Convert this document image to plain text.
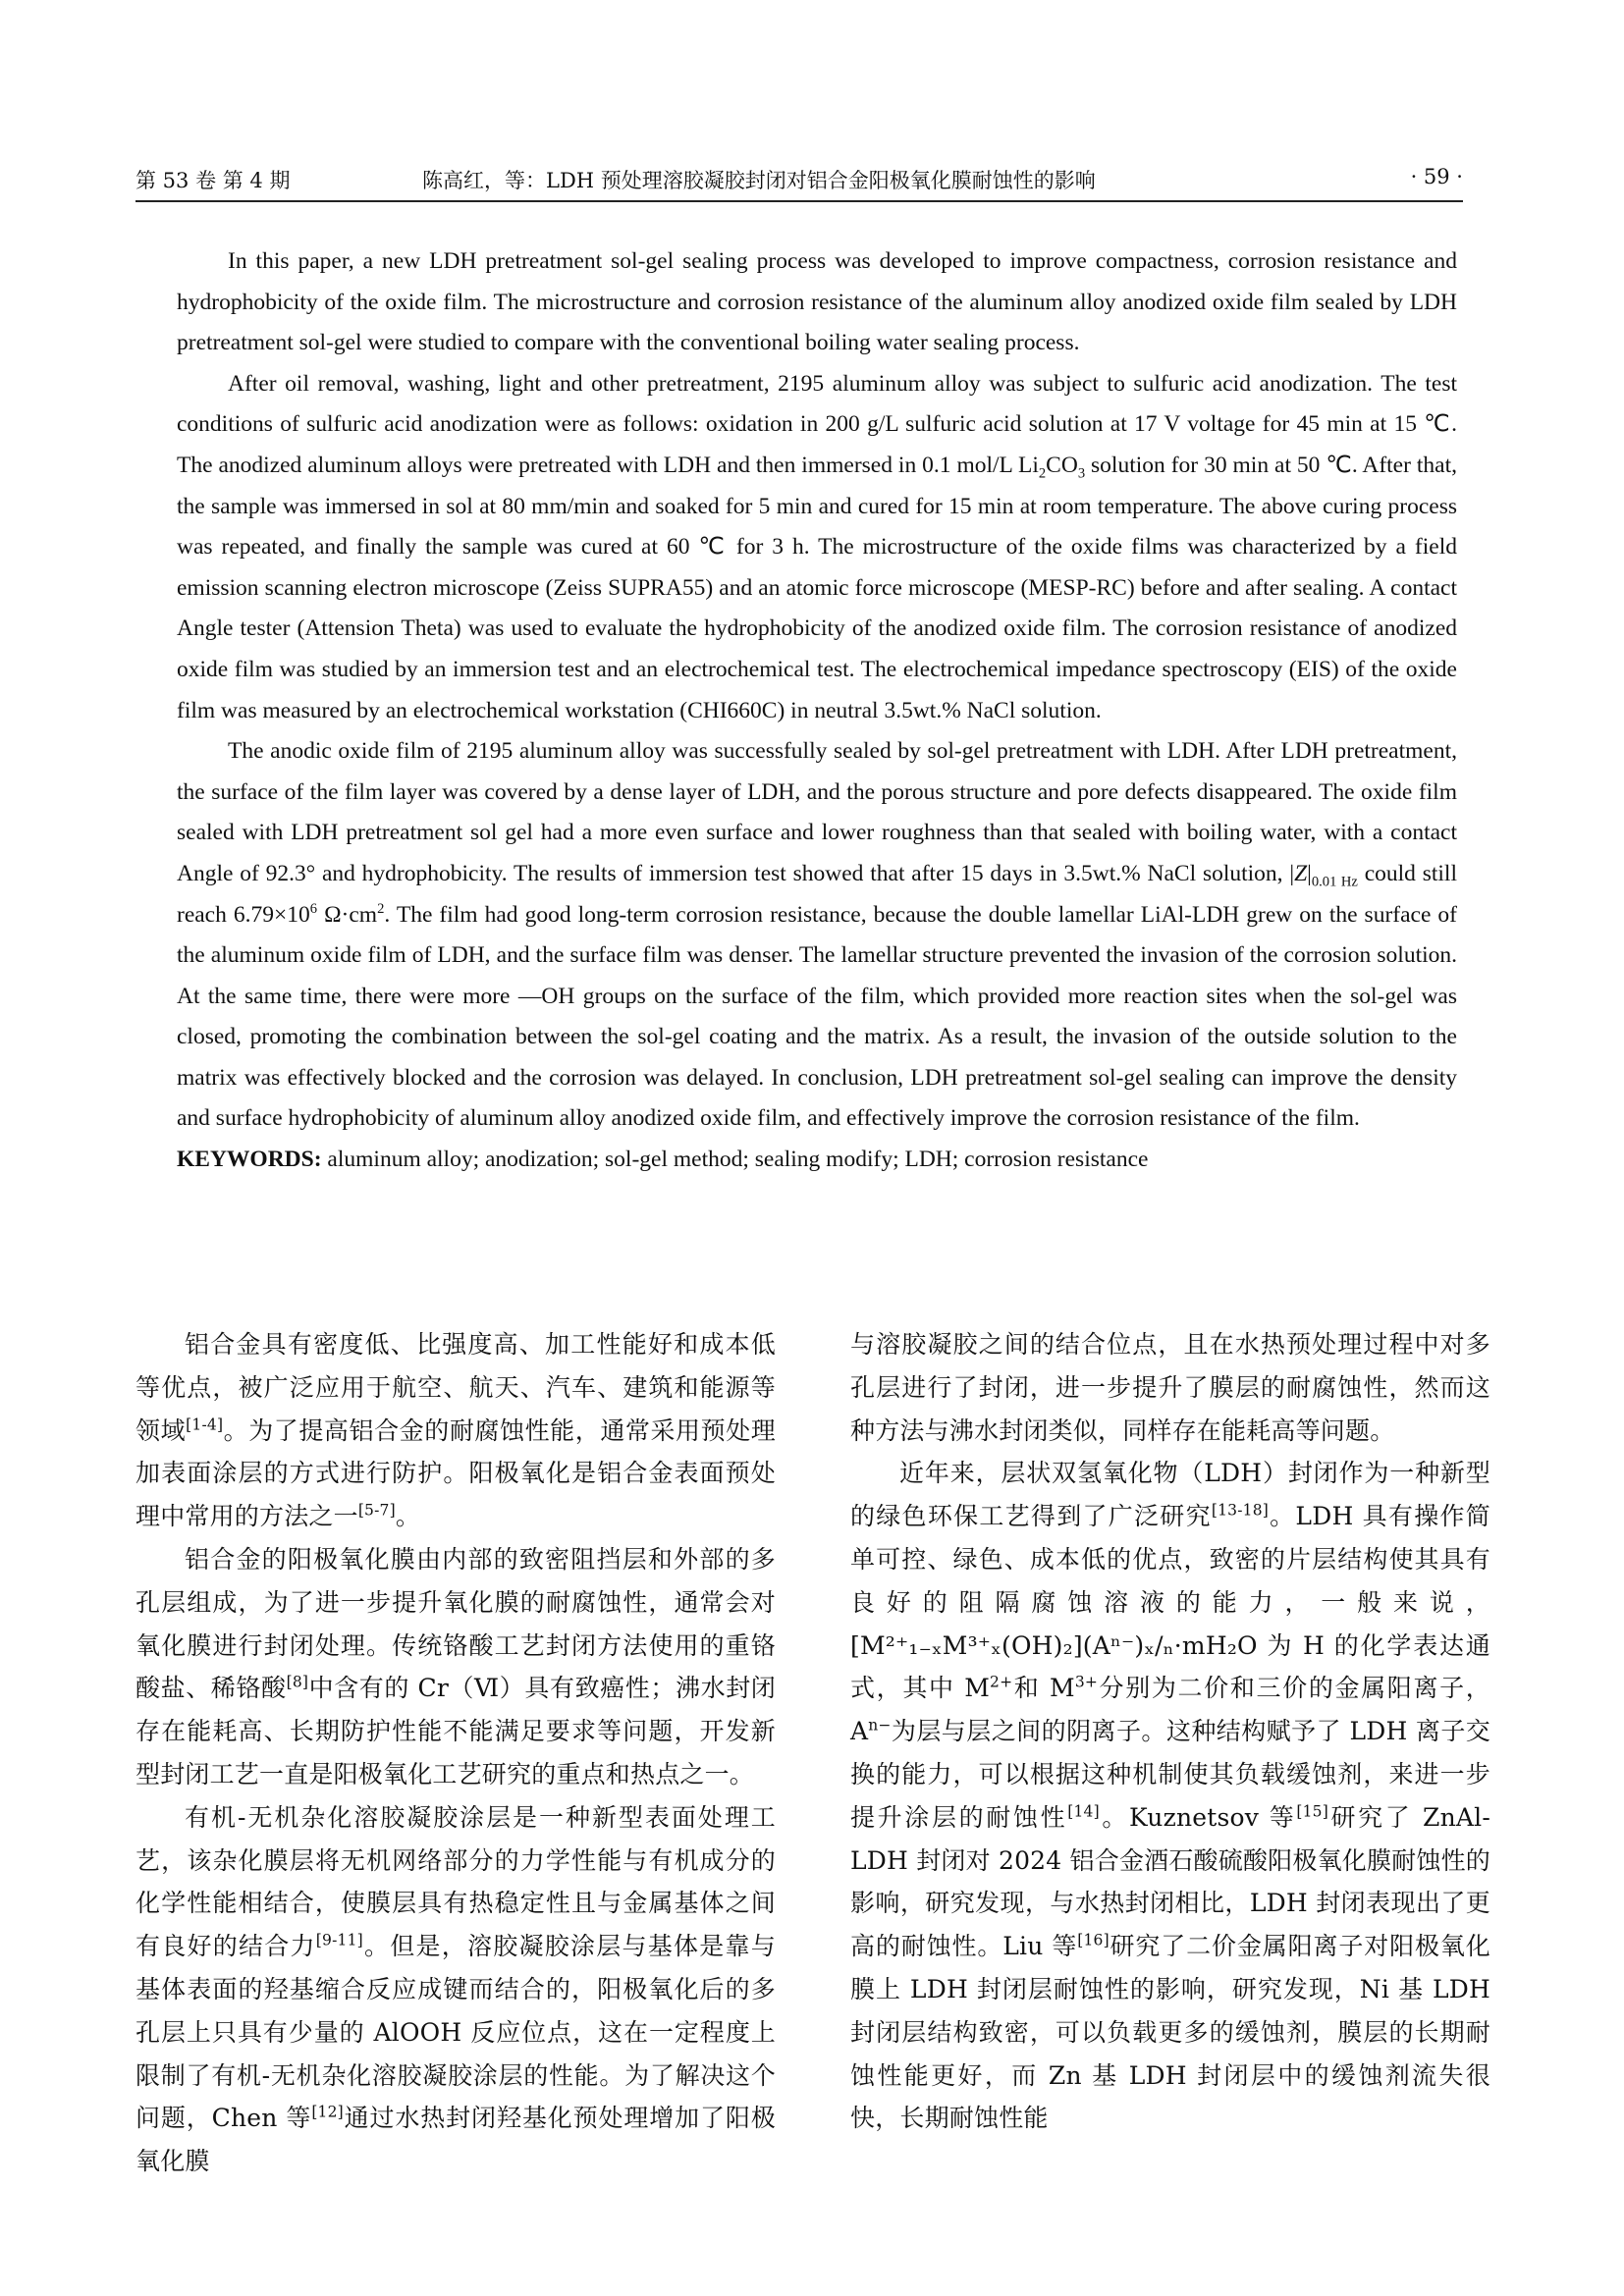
第 53 卷 第 4 期	陈高红，等：LDH 预处理溶胶凝胶封闭对铝合金阳极氧化膜耐蚀性的影响	· 59 ·

In this paper, a new LDH pretreatment sol-gel sealing process was developed to improve compactness, corrosion resistance and hydrophobicity of the oxide film. The microstructure and corrosion resistance of the aluminum alloy anodized oxide film sealed by LDH pretreatment sol-gel were studied to compare with the conventional boiling water sealing process.

After oil removal, washing, light and other pretreatment, 2195 aluminum alloy was subject to sulfuric acid anodization. The test conditions of sulfuric acid anodization were as follows: oxidation in 200 g/L sulfuric acid solution at 17 V voltage for 45 min at 15 ℃. The anodized aluminum alloys were pretreated with LDH and then immersed in 0.1 mol/L $Li_2CO_3$ solution for 30 min at 50 ℃. After that, the sample was immersed in sol at 80 mm/min and soaked for 5 min and cured for 15 min at room temperature. The above curing process was repeated, and finally the sample was cured at 60 ℃ for 3 h. The microstructure of the oxide films was characterized by a field emission scanning electron microscope (Zeiss SUPRA55) and an atomic force microscope (MESP-RC) before and after sealing. A contact Angle tester (Attension Theta) was used to evaluate the hydrophobicity of the anodized oxide film. The corrosion resistance of anodized oxide film was studied by an immersion test and an electrochemical test. The electrochemical impedance spectroscopy (EIS) of the oxide film was measured by an electrochemical workstation (CHI660C) in neutral 3.5wt.% NaCl solution.

The anodic oxide film of 2195 aluminum alloy was successfully sealed by sol-gel pretreatment with LDH. After LDH pretreatment, the surface of the film layer was covered by a dense layer of LDH, and the porous structure and pore defects disappeared. The oxide film sealed with LDH pretreatment sol gel had a more even surface and lower roughness than that sealed with boiling water, with a contact Angle of 92.3° and hydrophobicity. The results of immersion test showed that after 15 days in 3.5wt.% NaCl solution, $|Z|_{0.01 Hz}$ could still reach $6.79\times 10^6$ $\Omega\cdot cm^2$. The film had good long-term corrosion resistance, because the double lamellar LiAl-LDH grew on the surface of the aluminum oxide film of LDH, and the surface film was denser. The lamellar structure prevented the invasion of the corrosion solution. At the same time, there were more —OH groups on the surface of the film, which provided more reaction sites when the sol-gel was closed, promoting the combination between the sol-gel coating and the matrix. As a result, the invasion of the outside solution to the matrix was effectively blocked and the corrosion was delayed. In conclusion, LDH pretreatment sol-gel sealing can improve the density and surface hydrophobicity of aluminum alloy anodized oxide film, and effectively improve the corrosion resistance of the film.

KEYWORDS: aluminum alloy; anodization; sol-gel method; sealing modify; LDH; corrosion resistance

铝合金具有密度低、比强度高、加工性能好和成本低等优点，被广泛应用于航空、航天、汽车、建筑和能源等领域[1-4]。为了提高铝合金的耐腐蚀性能，通常采用预处理加表面涂层的方式进行防护。阳极氧化是铝合金表面预处理中常用的方法之一[5-7]。

铝合金的阳极氧化膜由内部的致密阻挡层和外部的多孔层组成，为了进一步提升氧化膜的耐腐蚀性，通常会对氧化膜进行封闭处理。传统铬酸工艺封闭方法使用的重铬酸盐、稀铬酸[8]中含有的 Cr（Ⅵ）具有致癌性；沸水封闭存在能耗高、长期防护性能不能满足要求等问题，开发新型封闭工艺一直是阳极氧化工艺研究的重点和热点之一。

有机-无机杂化溶胶凝胶涂层是一种新型表面处理工艺，该杂化膜层将无机网络部分的力学性能与有机成分的化学性能相结合，使膜层具有热稳定性且与金属基体之间有良好的结合力[9-11]。但是，溶胶凝胶涂层与基体是靠与基体表面的羟基缩合反应成键而结合的，阳极氧化后的多孔层上只具有少量的 AlOOH 反应位点，这在一定程度上限制了有机-无机杂化溶胶凝胶涂层的性能。为了解决这个问题，Chen 等[12]通过水热封闭羟基化预处理增加了阳极氧化膜

与溶胶凝胶之间的结合位点，且在水热预处理过程中对多孔层进行了封闭，进一步提升了膜层的耐腐蚀性，然而这种方法与沸水封闭类似，同样存在能耗高等问题。

近年来，层状双氢氧化物（LDH）封闭作为一种新型的绿色环保工艺得到了广泛研究[13-18]。LDH 具有操作简单可控、绿色、成本低的优点，致密的片层结构使其具有良好的阻隔腐蚀溶液的能力，一般来说，[M²⁺₁₋ₓM³⁺ₓ(OH)₂](Aⁿ⁻)ₓ/ₙ·mH₂O 为 H 的化学表达通式，其中 $M^{2+}$和 $M^{3+}$分别为二价和三价的金属阳离子，$A^{n-}$为层与层之间的阴离子。这种结构赋予了 LDH 离子交换的能力，可以根据这种机制使其负载缓蚀剂，来进一步提升涂层的耐蚀性[14]。Kuznetsov 等[15]研究了 ZnAl-LDH 封闭对 2024 铝合金酒石酸硫酸阳极氧化膜耐蚀性的影响，研究发现，与水热封闭相比，LDH 封闭表现出了更高的耐蚀性。Liu 等[16]研究了二价金属阳离子对阳极氧化膜上 LDH 封闭层耐蚀性的影响，研究发现，Ni 基 LDH 封闭层结构致密，可以负载更多的缓蚀剂，膜层的长期耐蚀性能更好，而 Zn 基 LDH 封闭层中的缓蚀剂流失很快，长期耐蚀性能
